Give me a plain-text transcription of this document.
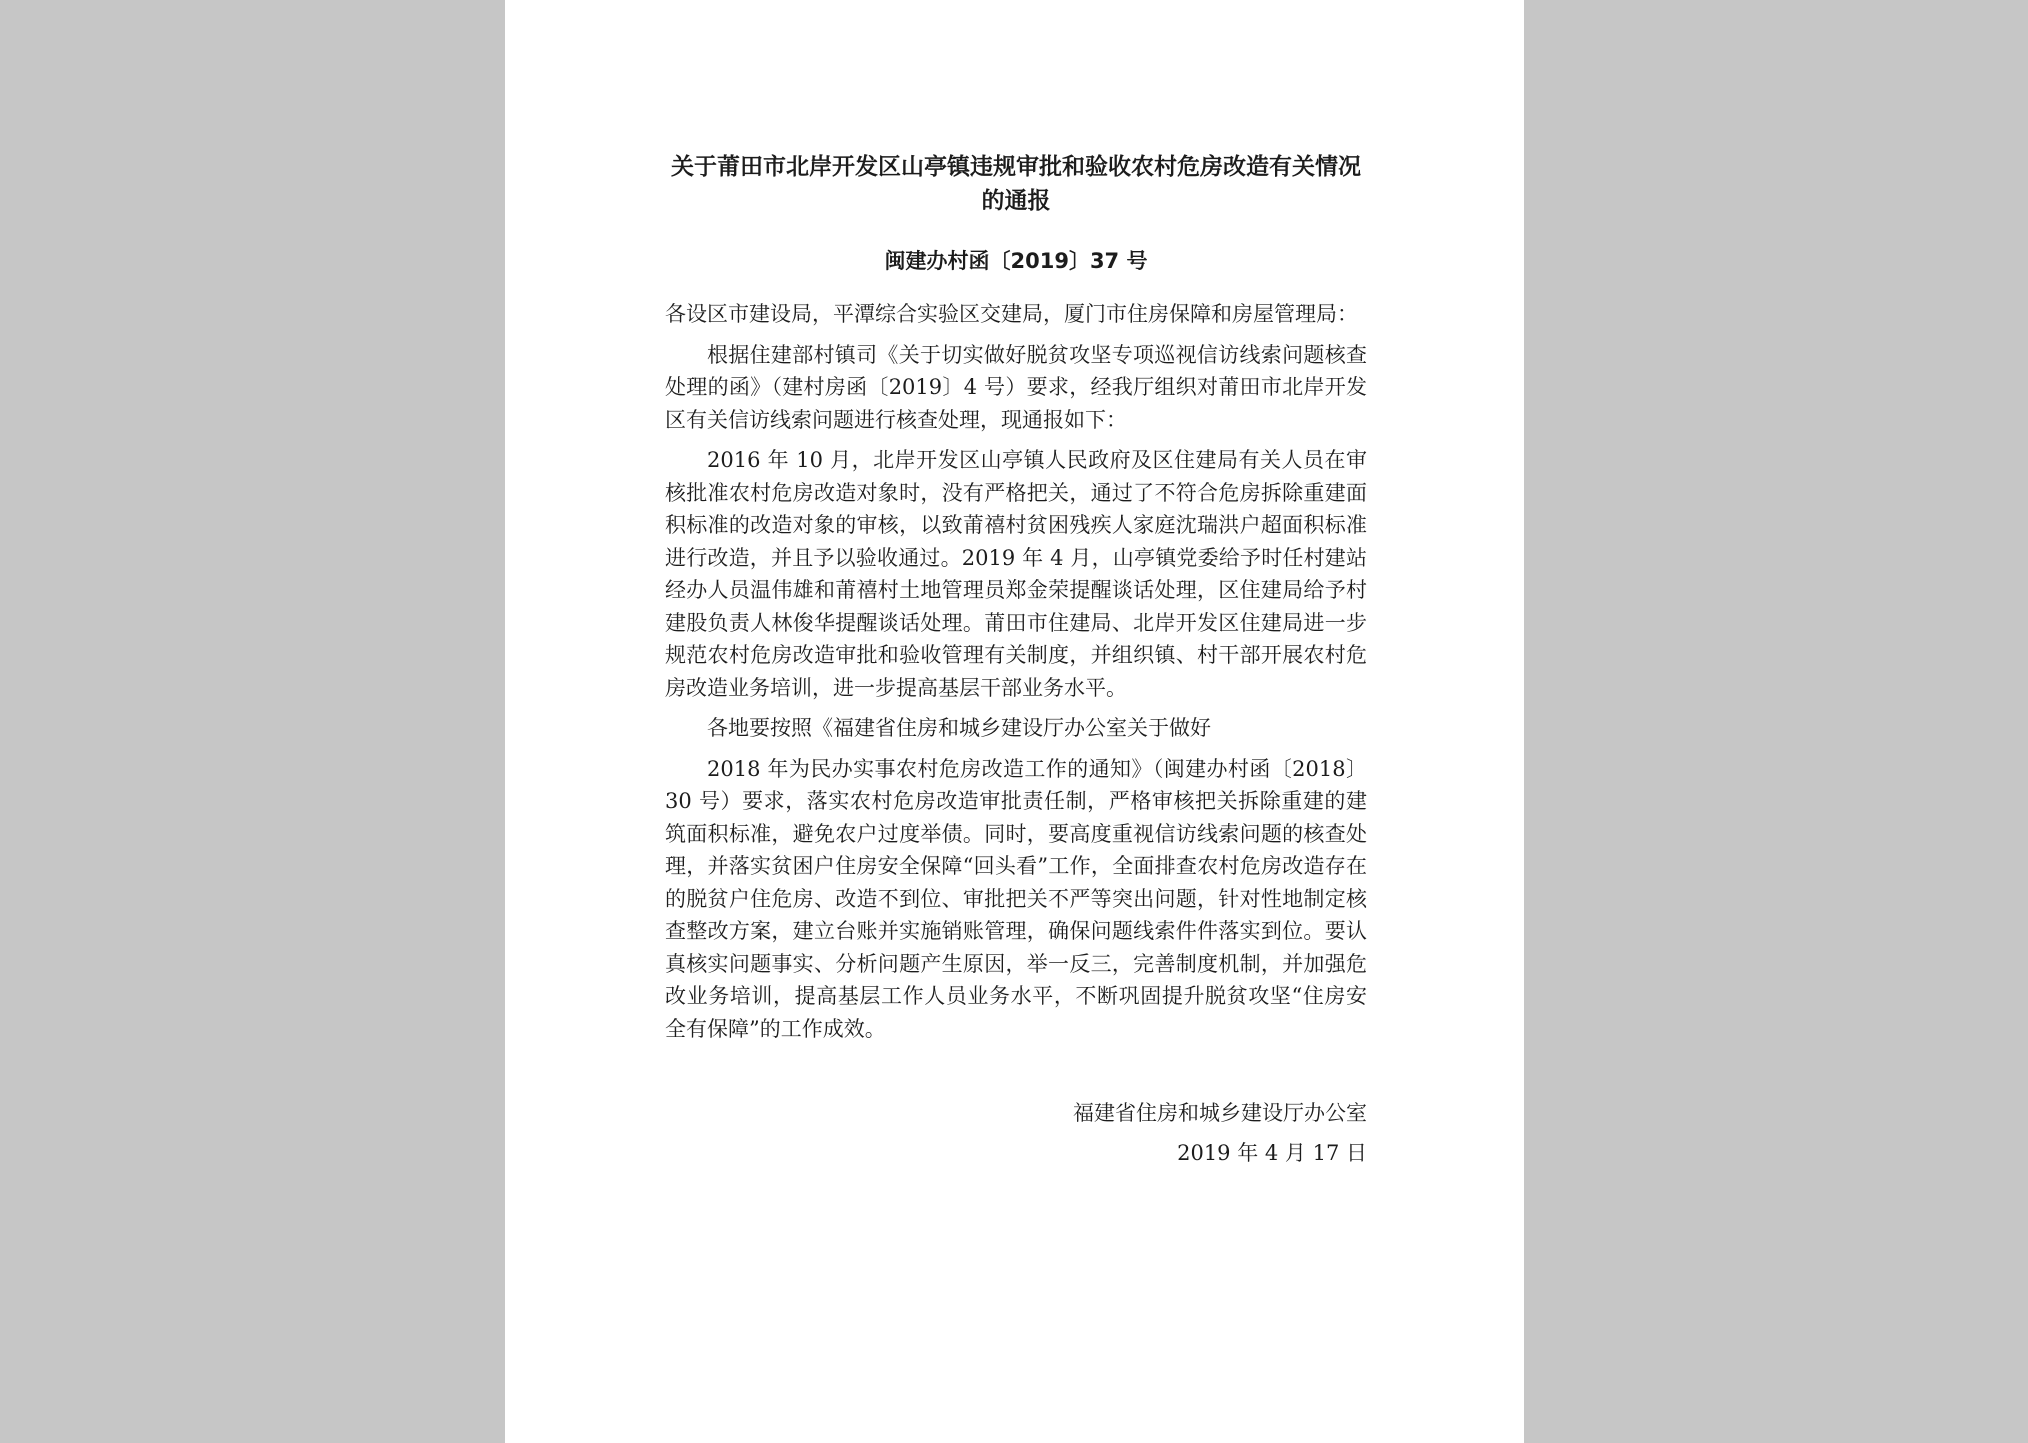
关于莆田市北岸开发区山亭镇违规审批和验收农村危房改造有关情况的通报
闽建办村函〔2019〕37 号

各设区市建设局，平潭综合实验区交建局，厦门市住房保障和房屋管理局：

根据住建部村镇司《关于切实做好脱贫攻坚专项巡视信访线索问题核查处理的函》（建村房函〔2019〕4 号）要求，经我厅组织对莆田市北岸开发区有关信访线索问题进行核查处理，现通报如下：

2016 年 10 月，北岸开发区山亭镇人民政府及区住建局有关人员在审核批准农村危房改造对象时，没有严格把关，通过了不符合危房拆除重建面积标准的改造对象的审核，以致莆禧村贫困残疾人家庭沈瑞洪户超面积标准进行改造，并且予以验收通过。2019 年 4 月，山亭镇党委给予时任村建站经办人员温伟雄和莆禧村土地管理员郑金荣提醒谈话处理，区住建局给予村建股负责人林俊华提醒谈话处理。莆田市住建局、北岸开发区住建局进一步规范农村危房改造审批和验收管理有关制度，并组织镇、村干部开展农村危房改造业务培训，进一步提高基层干部业务水平。

各地要按照《福建省住房和城乡建设厅办公室关于做好

2018 年为民办实事农村危房改造工作的通知》（闽建办村函〔2018〕30 号）要求，落实农村危房改造审批责任制，严格审核把关拆除重建的建筑面积标准，避免农户过度举债。同时，要高度重视信访线索问题的核查处理，并落实贫困户住房安全保障“回头看”工作，全面排查农村危房改造存在的脱贫户住危房、改造不到位、审批把关不严等突出问题，针对性地制定核查整改方案，建立台账并实施销账管理，确保问题线索件件落实到位。要认真核实问题事实、分析问题产生原因，举一反三，完善制度机制，并加强危改业务培训，提高基层工作人员业务水平，不断巩固提升脱贫攻坚“住房安全有保障”的工作成效。

福建省住房和城乡建设厅办公室
2019 年 4 月 17 日
